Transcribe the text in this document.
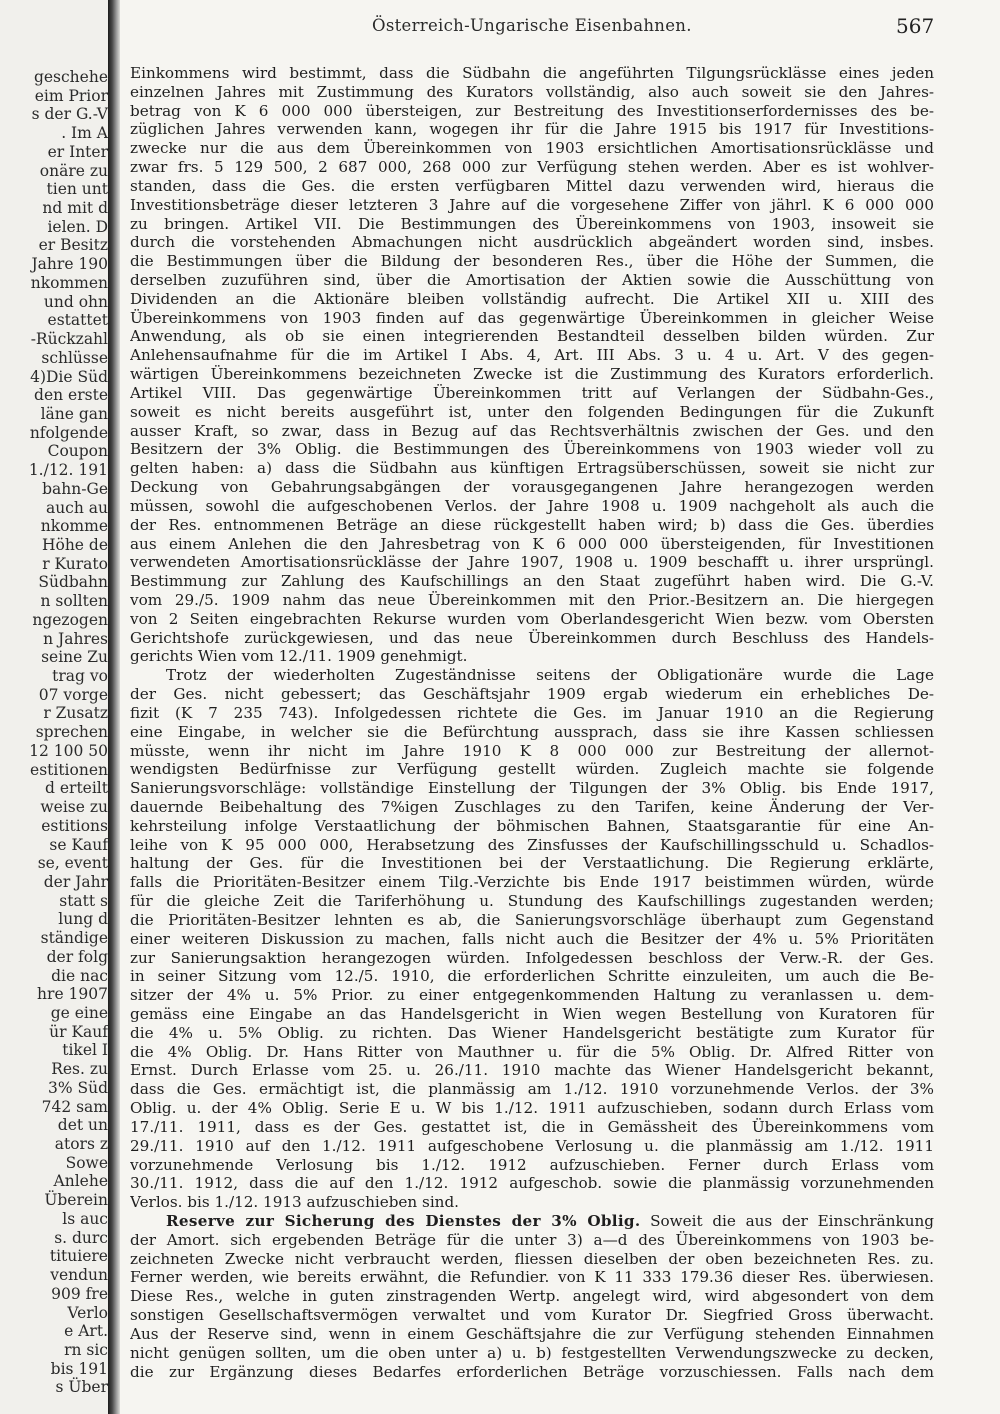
geschehe
eim Prior
s der G.-V
. Im A
er Inter
onäre zu
tien unt
nd mit d
ielen. D
er Besitz
Jahre 190
nkommen
und ohn
estattet
-Rückzahl
schlüsse
4)Die Süd
den erste
läne gan
nfolgende
Coupon
1./12. 191
bahn-Ge
auch au
nkomme
Höhe de
r Kurato
Südbahn
n sollten
ngezogen
n Jahres
seine Zu
trag vo
07 vorge
r Zusatz
sprechen
12 100 50
estitionen
d erteilt
weise zu
estitions
se Kauf
se, event
der Jahr
statt s
lung d
ständige
der folg
die nac
hre 1907
ge eine
ür Kauf
tikel I
Res. zu
3% Süd
742 sam
det un
ators z
Sowe
Anlehe
Überein
ls auc
s. durc
tituiere
vendun
909 fre
Verlo
e Art.
rn sic
bis 191
s Über
Österreich-Ungarische Eisenbahnen.	567
Einkommens wird bestimmt, dass die Südbahn die angeführten Tilgungsrücklässe eines jeden
einzelnen Jahres mit Zustimmung des Kurators vollständig, also auch soweit sie den Jahres-
betrag von K 6 000 000 übersteigen, zur Bestreitung des Investitionserfordernisses des be-
züglichen Jahres verwenden kann, wogegen ihr für die Jahre 1915 bis 1917 für Investitions-
zwecke nur die aus dem Übereinkommen von 1903 ersichtlichen Amortisationsrücklässe und
zwar frs. 5 129 500, 2 687 000, 268 000 zur Verfügung stehen werden. Aber es ist wohlver-
standen, dass die Ges. die ersten verfügbaren Mittel dazu verwenden wird, hieraus die
Investitionsbeträge dieser letzteren 3 Jahre auf die vorgesehene Ziffer von jährl. K 6 000 000
zu bringen. Artikel VII. Die Bestimmungen des Übereinkommens von 1903, insoweit sie
durch die vorstehenden Abmachungen nicht ausdrücklich abgeändert worden sind, insbes.
die Bestimmungen über die Bildung der besonderen Res., über die Höhe der Summen, die
derselben zuzuführen sind, über die Amortisation der Aktien sowie die Ausschüttung von
Dividenden an die Aktionäre bleiben vollständig aufrecht. Die Artikel XII u. XIII des
Übereinkommens von 1903 finden auf das gegenwärtige Übereinkommen in gleicher Weise
Anwendung, als ob sie einen integrierenden Bestandteil desselben bilden würden. Zur
Anlehensaufnahme für die im Artikel I Abs. 4, Art. III Abs. 3 u. 4 u. Art. V des gegen-
wärtigen Übereinkommens bezeichneten Zwecke ist die Zustimmung des Kurators erforderlich.
Artikel VIII. Das gegenwärtige Übereinkommen tritt auf Verlangen der Südbahn-Ges.,
soweit es nicht bereits ausgeführt ist, unter den folgenden Bedingungen für die Zukunft
ausser Kraft, so zwar, dass in Bezug auf das Rechtsverhältnis zwischen der Ges. und den
Besitzern der 3% Oblig. die Bestimmungen des Übereinkommens von 1903 wieder voll zu
gelten haben: a) dass die Südbahn aus künftigen Ertragsüberschüssen, soweit sie nicht zur
Deckung von Gebahrungsabgängen der vorausgegangenen Jahre herangezogen werden
müssen, sowohl die aufgeschobenen Verlos. der Jahre 1908 u. 1909 nachgeholt als auch die
der Res. entnommenen Beträge an diese rückgestellt haben wird; b) dass die Ges. überdies
aus einem Anlehen die den Jahresbetrag von K 6 000 000 übersteigenden, für Investitionen
verwendeten Amortisationsrücklässe der Jahre 1907, 1908 u. 1909 beschafft u. ihrer ursprüngl.
Bestimmung zur Zahlung des Kaufschillings an den Staat zugeführt haben wird. Die G.-V.
vom 29./5. 1909 nahm das neue Übereinkommen mit den Prior.-Besitzern an. Die hiergegen
von 2 Seiten eingebrachten Rekurse wurden vom Oberlandesgericht Wien bezw. vom Obersten
Gerichtshofe zurückgewiesen, und das neue Übereinkommen durch Beschluss des Handels-
gerichts Wien vom 12./11. 1909 genehmigt.
Trotz der wiederholten Zugeständnisse seitens der Obligationäre wurde die Lage
der Ges. nicht gebessert; das Geschäftsjahr 1909 ergab wiederum ein erhebliches De-
fizit (K 7 235 743). Infolgedessen richtete die Ges. im Januar 1910 an die Regierung
eine Eingabe, in welcher sie die Befürchtung aussprach, dass sie ihre Kassen schliessen
müsste, wenn ihr nicht im Jahre 1910 K 8 000 000 zur Bestreitung der allernot-
wendigsten Bedürfnisse zur Verfügung gestellt würden. Zugleich machte sie folgende
Sanierungsvorschläge: vollständige Einstellung der Tilgungen der 3% Oblig. bis Ende 1917,
dauernde Beibehaltung des 7%igen Zuschlages zu den Tarifen, keine Änderung der Ver-
kehrsteilung infolge Verstaatlichung der böhmischen Bahnen, Staatsgarantie für eine An-
leihe von K 95 000 000, Herabsetzung des Zinsfusses der Kaufschillingsschuld u. Schadlos-
haltung der Ges. für die Investitionen bei der Verstaatlichung. Die Regierung erklärte,
falls die Prioritäten-Besitzer einem Tilg.-Verzichte bis Ende 1917 beistimmen würden, würde
für die gleiche Zeit die Tariferhöhung u. Stundung des Kaufschillings zugestanden werden;
die Prioritäten-Besitzer lehnten es ab, die Sanierungsvorschläge überhaupt zum Gegenstand
einer weiteren Diskussion zu machen, falls nicht auch die Besitzer der 4% u. 5% Prioritäten
zur Sanierungsaktion herangezogen würden. Infolgedessen beschloss der Verw.-R. der Ges.
in seiner Sitzung vom 12./5. 1910, die erforderlichen Schritte einzuleiten, um auch die Be-
sitzer der 4% u. 5% Prior. zu einer entgegenkommenden Haltung zu veranlassen u. dem-
gemäss eine Eingabe an das Handelsgericht in Wien wegen Bestellung von Kuratoren für
die 4% u. 5% Oblig. zu richten. Das Wiener Handelsgericht bestätigte zum Kurator für
die 4% Oblig. Dr. Hans Ritter von Mauthner u. für die 5% Oblig. Dr. Alfred Ritter von
Ernst. Durch Erlasse vom 25. u. 26./11. 1910 machte das Wiener Handelsgericht bekannt,
dass die Ges. ermächtigt ist, die planmässig am 1./12. 1910 vorzunehmende Verlos. der 3%
Oblig. u. der 4% Oblig. Serie E u. W bis 1./12. 1911 aufzuschieben, sodann durch Erlass vom
17./11. 1911, dass es der Ges. gestattet ist, die in Gemässheit des Übereinkommens vom
29./11. 1910 auf den 1./12. 1911 aufgeschobene Verlosung u. die planmässig am 1./12. 1911
vorzunehmende Verlosung bis 1./12. 1912 aufzuschieben. Ferner durch Erlass vom
30./11. 1912, dass die auf den 1./12. 1912 aufgeschob. sowie die planmässig vorzunehmenden
Verlos. bis 1./12. 1913 aufzuschieben sind.
Reserve zur Sicherung des Dienstes der 3% Oblig. Soweit die aus der Einschränkung
der Amort. sich ergebenden Beträge für die unter 3) a—d des Übereinkommens von 1903 be-
zeichneten Zwecke nicht verbraucht werden, fliessen dieselben der oben bezeichneten Res. zu.
Ferner werden, wie bereits erwähnt, die Refundier. von K 11 333 179.36 dieser Res. überwiesen.
Diese Res., welche in guten zinstragenden Wertp. angelegt wird, wird abgesondert von dem
sonstigen Gesellschaftsvermögen verwaltet und vom Kurator Dr. Siegfried Gross überwacht.
Aus der Reserve sind, wenn in einem Geschäftsjahre die zur Verfügung stehenden Einnahmen
nicht genügen sollten, um die oben unter a) u. b) festgestellten Verwendungszwecke zu decken,
die zur Ergänzung dieses Bedarfes erforderlichen Beträge vorzuschiessen. Falls nach dem
